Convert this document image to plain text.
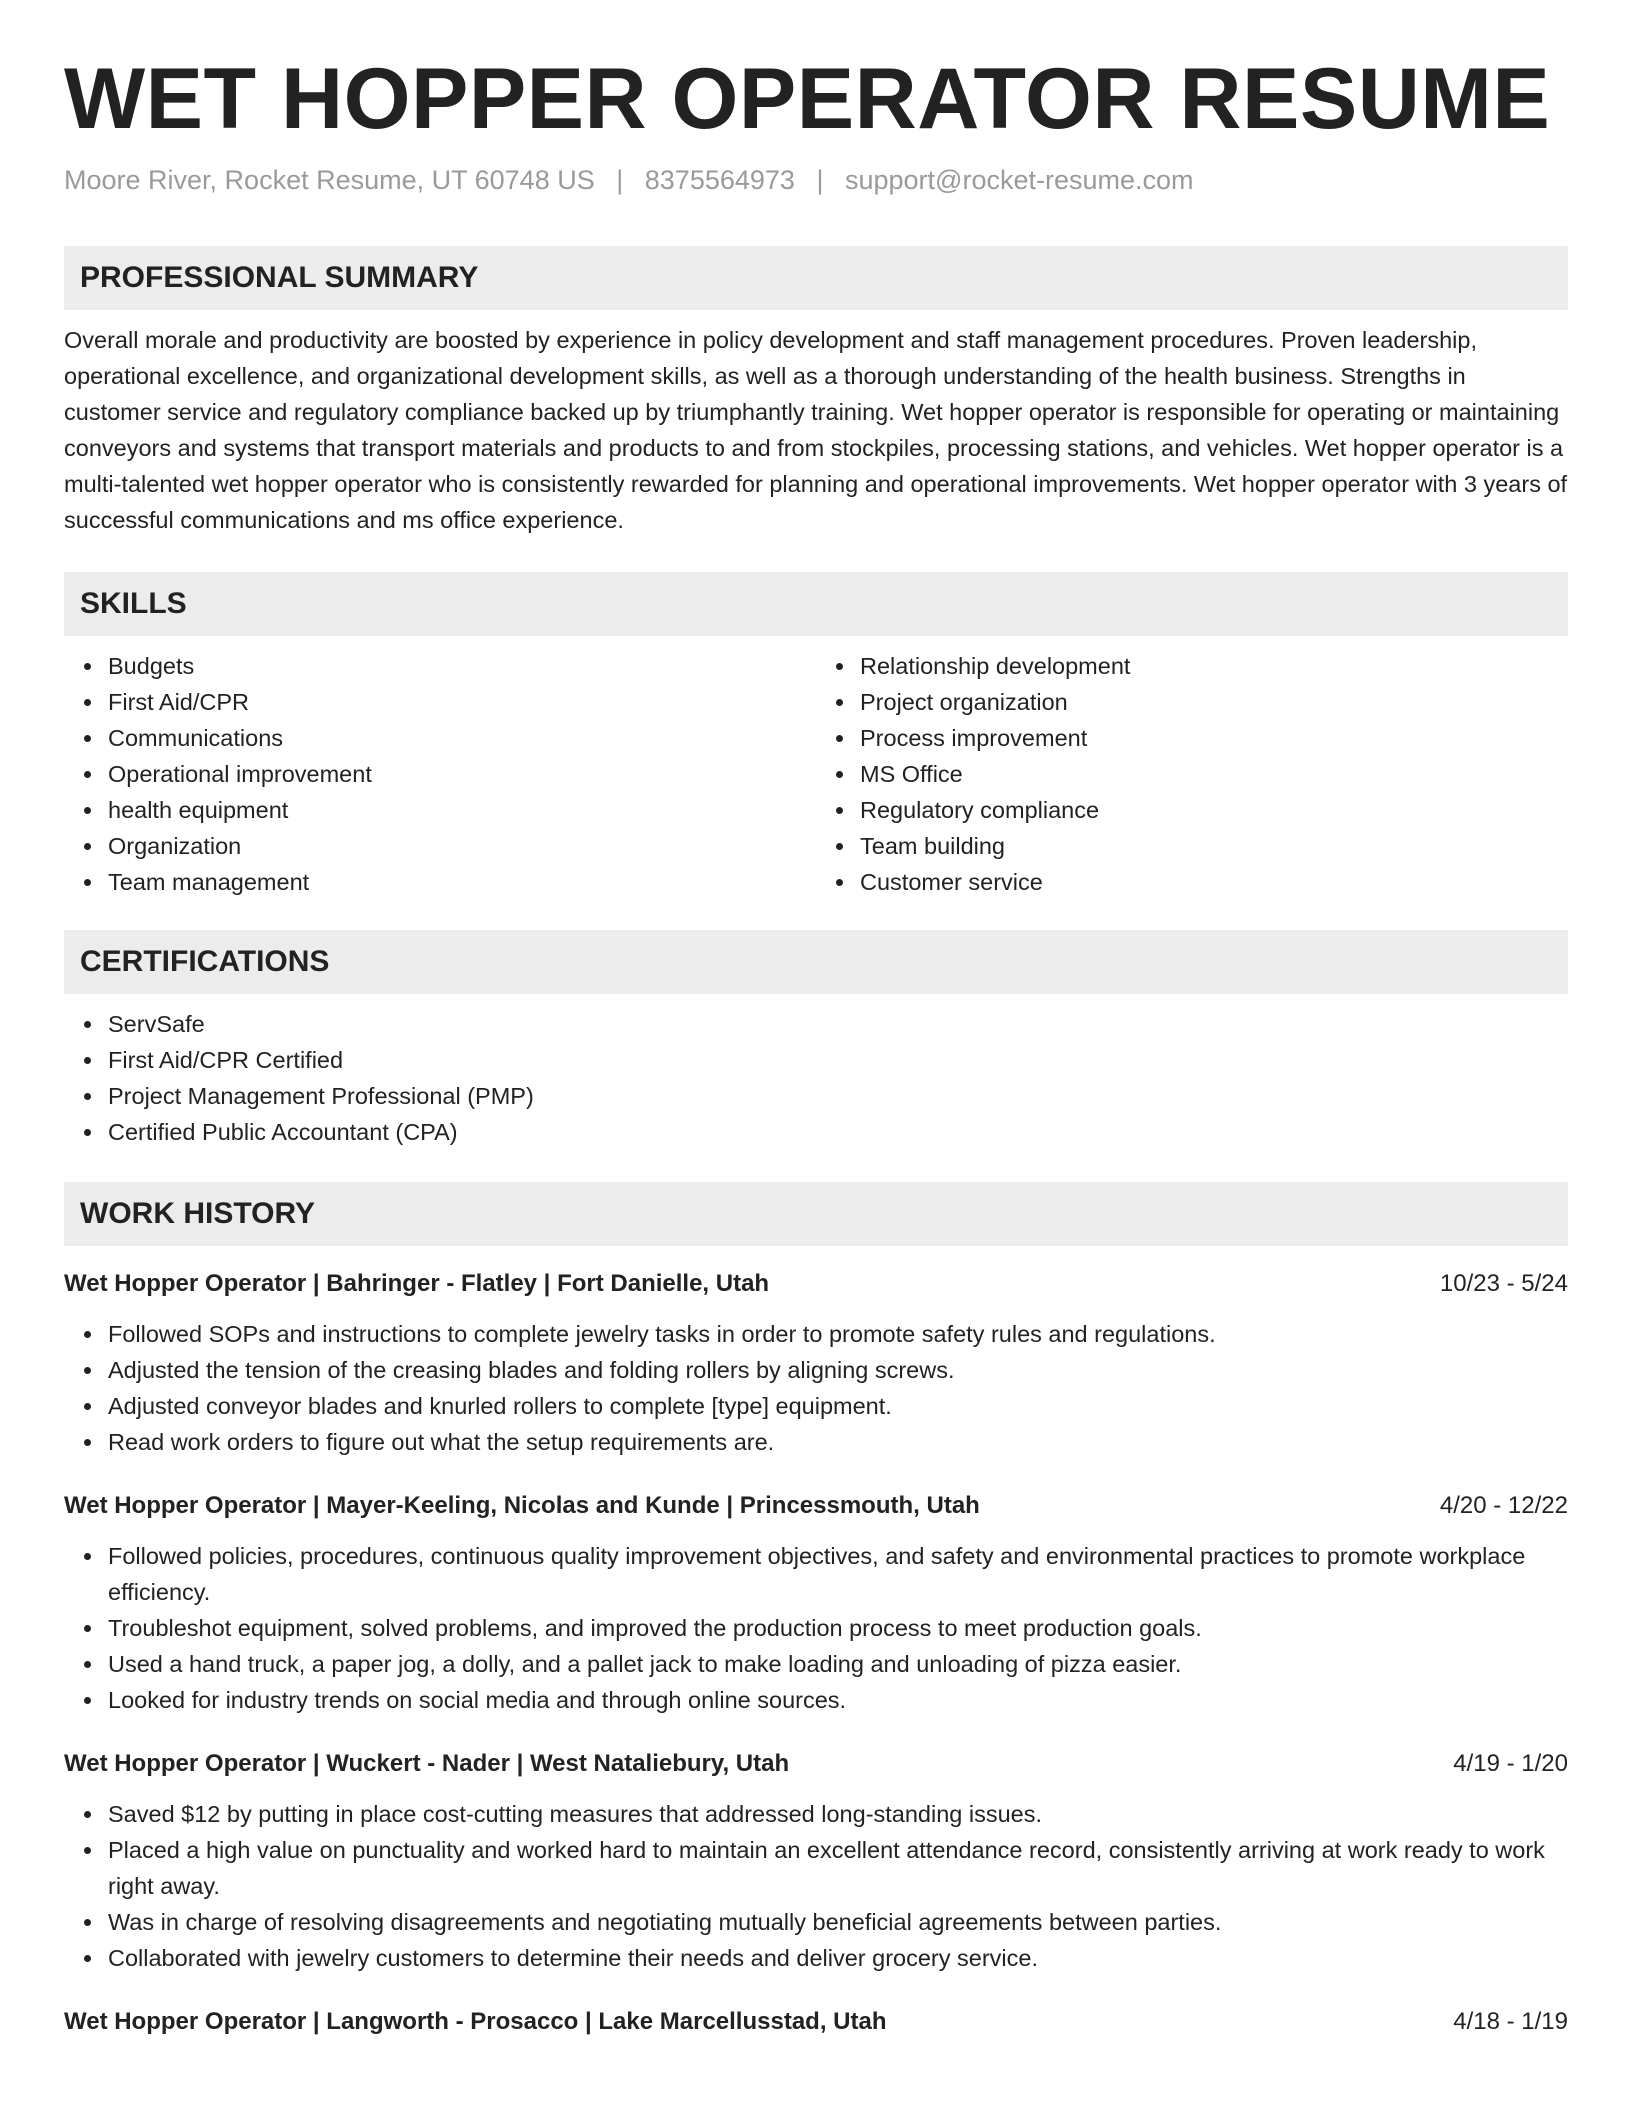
WET HOPPER OPERATOR RESUME
Moore River, Rocket Resume, UT 60748 US | 8375564973 | support@rocket-resume.com
PROFESSIONAL SUMMARY
Overall morale and productivity are boosted by experience in policy development and staff management procedures. Proven leadership, operational excellence, and organizational development skills, as well as a thorough understanding of the health business. Strengths in customer service and regulatory compliance backed up by triumphantly training. Wet hopper operator is responsible for operating or maintaining conveyors and systems that transport materials and products to and from stockpiles, processing stations, and vehicles. Wet hopper operator is a multi-talented wet hopper operator who is consistently rewarded for planning and operational improvements. Wet hopper operator with 3 years of successful communications and ms office experience.
SKILLS
Budgets
First Aid/CPR
Communications
Operational improvement
health equipment
Organization
Team management
Relationship development
Project organization
Process improvement
MS Office
Regulatory compliance
Team building
Customer service
CERTIFICATIONS
ServSafe
First Aid/CPR Certified
Project Management Professional (PMP)
Certified Public Accountant (CPA)
WORK HISTORY
Wet Hopper Operator | Bahringer - Flatley | Fort Danielle, Utah	10/23 - 5/24
Followed SOPs and instructions to complete jewelry tasks in order to promote safety rules and regulations.
Adjusted the tension of the creasing blades and folding rollers by aligning screws.
Adjusted conveyor blades and knurled rollers to complete [type] equipment.
Read work orders to figure out what the setup requirements are.
Wet Hopper Operator | Mayer-Keeling, Nicolas and Kunde | Princessmouth, Utah	4/20 - 12/22
Followed policies, procedures, continuous quality improvement objectives, and safety and environmental practices to promote workplace efficiency.
Troubleshot equipment, solved problems, and improved the production process to meet production goals.
Used a hand truck, a paper jog, a dolly, and a pallet jack to make loading and unloading of pizza easier.
Looked for industry trends on social media and through online sources.
Wet Hopper Operator | Wuckert - Nader | West Nataliebury, Utah	4/19 - 1/20
Saved $12 by putting in place cost-cutting measures that addressed long-standing issues.
Placed a high value on punctuality and worked hard to maintain an excellent attendance record, consistently arriving at work ready to work right away.
Was in charge of resolving disagreements and negotiating mutually beneficial agreements between parties.
Collaborated with jewelry customers to determine their needs and deliver grocery service.
Wet Hopper Operator | Langworth - Prosacco | Lake Marcellusstad, Utah	4/18 - 1/19
